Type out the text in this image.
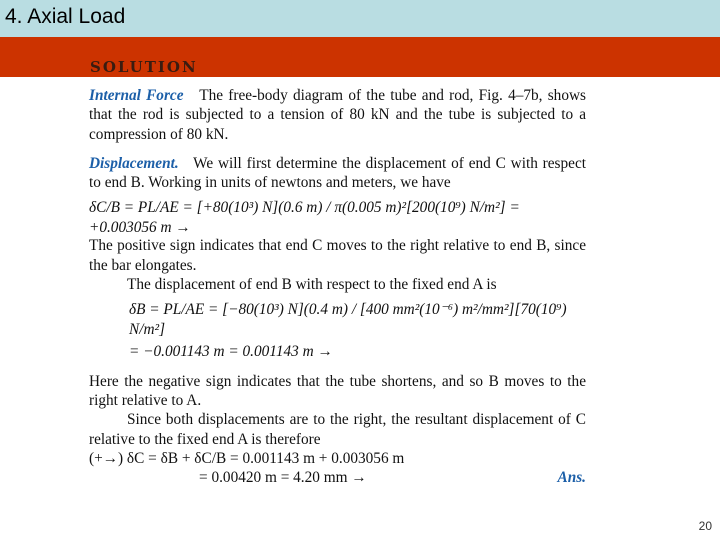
4. Axial Load
SOLUTION

Internal Force The free-body diagram of the tube and rod, Fig. 4–7b, shows that the rod is subjected to a tension of 80 kN and the tube is subjected to a compression of 80 kN.

Displacement. We will first determine the displacement of end C with respect to end B. Working in units of newtons and meters, we have

δC/B = PL/AE = [+80(10³) N](0.6 m) / π(0.005 m)²[200(10⁹) N/m²] = +0.003056 m →

The positive sign indicates that end C moves to the right relative to end B, since the bar elongates.

The displacement of end B with respect to the fixed end A is

δB = PL/AE = [−80(10³) N](0.4 m) / [400 mm²(10⁻⁶) m²/mm²][70(10⁹) N/m²]

= −0.001143 m = 0.001143 m →

Here the negative sign indicates that the tube shortens, and so B moves to the right relative to A.

Since both displacements are to the right, the resultant displacement of C relative to the fixed end A is therefore

(+→) δC = δB + δC/B = 0.001143 m + 0.003056 m

= 0.00420 m = 4.20 mm →	Ans.

20
